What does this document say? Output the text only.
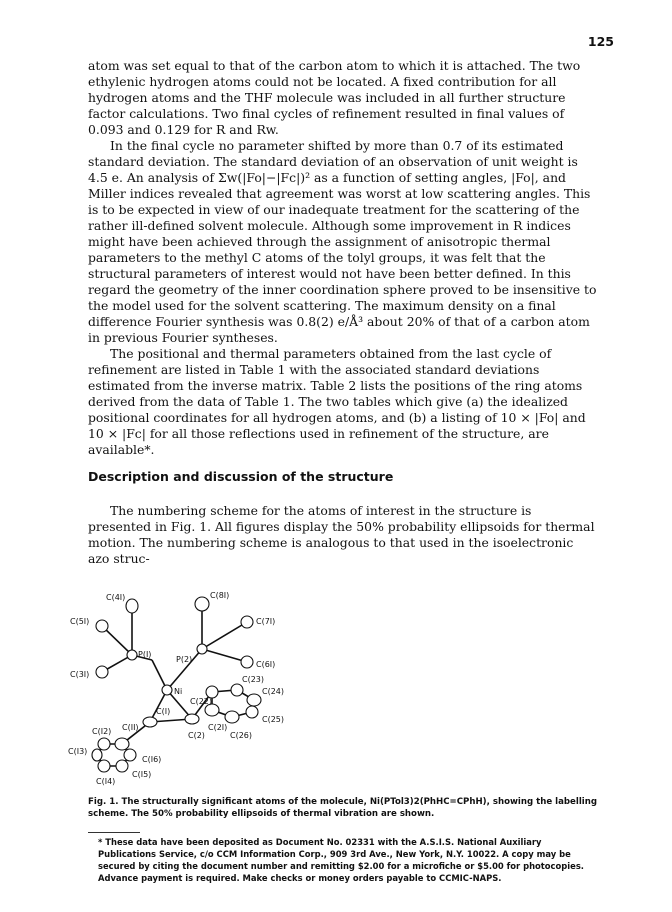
125

atom was set equal to that of the carbon atom to which it is attached. The two ethylenic hydrogen atoms could not be located. A fixed contribution for all hydrogen atoms and the THF molecule was included in all further structure factor calculations. Two final cycles of refinement resulted in final values of 0.093 and 0.129 for R and Rw.

In the final cycle no parameter shifted by more than 0.7 of its estimated standard deviation. The standard deviation of an observation of unit weight is 4.5 e. An analysis of Σw(|Fo|−|Fc|)² as a function of setting angles, |Fo|, and Miller indices revealed that agreement was worst at low scattering angles. This is to be expected in view of our inadequate treatment for the scattering of the rather ill-defined solvent molecule. Although some improvement in R indices might have been achieved through the assignment of anisotropic thermal parameters to the methyl C atoms of the tolyl groups, it was felt that the structural parameters of interest would not have been better defined. In this regard the geometry of the inner coordination sphere proved to be insensitive to the model used for the solvent scattering. The maximum density on a final difference Fourier synthesis was 0.8(2) e/Å³ about 20% of that of a carbon atom in previous Fourier syntheses.

The positional and thermal parameters obtained from the last cycle of refinement are listed in Table 1 with the associated standard deviations estimated from the inverse matrix. Table 2 lists the positions of the ring atoms derived from the data of Table 1. The two tables which give (a) the idealized positional coordinates for all hydrogen atoms, and (b) a listing of 10 × |Fo| and 10 × |Fc| for all those reflections used in refinement of the structure, are available*.

Description and discussion of the structure

The numbering scheme for the atoms of interest in the structure is presented in Fig. 1. All figures display the 50% probability ellipsoids for thermal motion. The numbering scheme is analogous to that used in the isoelectronic azo struc-

C(4I)	C(8I)
C(7I)
C(5I)
P(I)
P(2)
C(3I)
Ni
C(6I)
C(22)
C(23)
C(I)
C(II)
C(I2)
C(24)
C(I3)
C(2)
C(2I)
C(25)
C(I6)
C(26)
C(I5)
C(I4)
Fig. 1. The structurally significant atoms of the molecule, Ni(PTol3)2(PhHC=CPhH), showing the labelling scheme. The 50% probability ellipsoids of thermal vibration are shown.
* These data have been deposited as Document No. 02331 with the A.S.I.S. National Auxiliary Publications Service, c/o CCM Information Corp., 909 3rd Ave., New York, N.Y. 10022. A copy may be secured by citing the document number and remitting $2.00 for a microfiche or $5.00 for photocopies. Advance payment is required. Make checks or money orders payable to CCMIC-NAPS.
